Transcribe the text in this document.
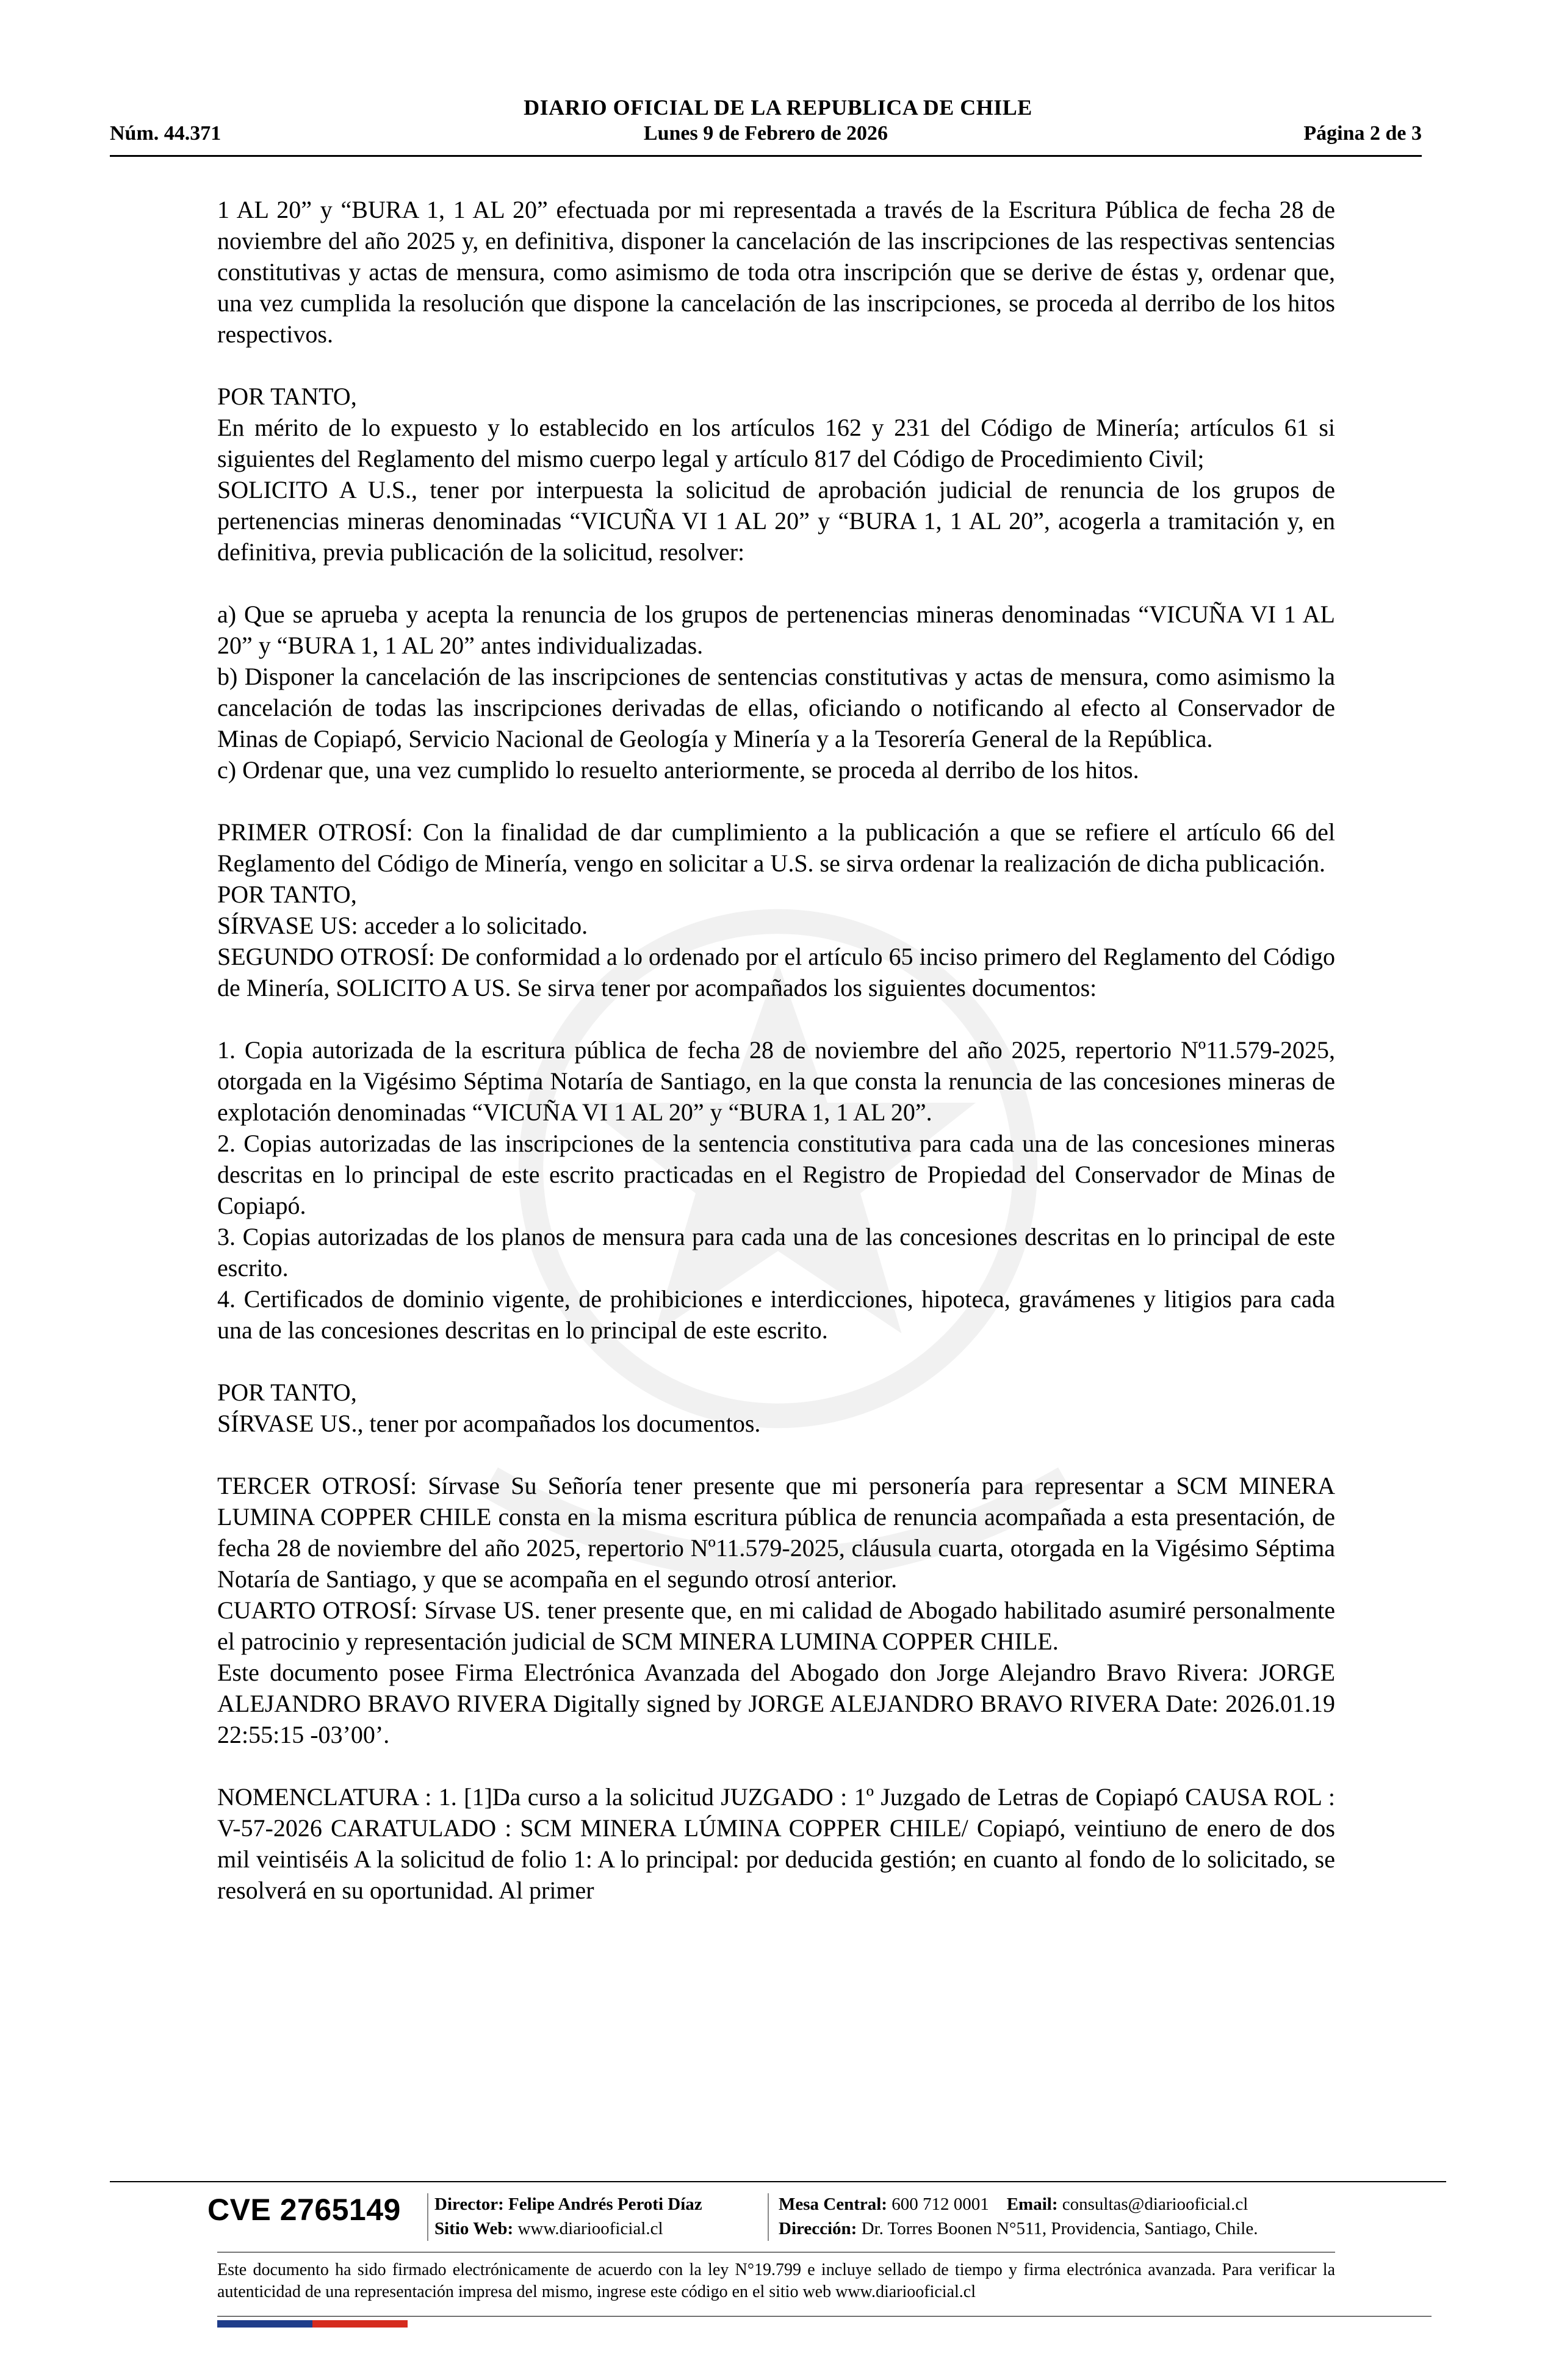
DIARIO OFICIAL DE LA REPUBLICA DE CHILE
Lunes 9 de Febrero de 2026
Núm. 44.371	Página 2 de 3

1 AL 20” y “BURA 1, 1 AL 20” efectuada por mi representada a través de la Escritura Pública de fecha 28 de noviembre del año 2025 y, en definitiva, disponer la cancelación de las inscripciones de las respectivas sentencias constitutivas y actas de mensura, como asimismo de toda otra inscripción que se derive de éstas y, ordenar que, una vez cumplida la resolución que dispone la cancelación de las inscripciones, se proceda al derribo de los hitos respectivos.

POR TANTO,

En mérito de lo expuesto y lo establecido en los artículos 162 y 231 del Código de Minería; artículos 61 si siguientes del Reglamento del mismo cuerpo legal y artículo 817 del Código de Procedimiento Civil;

SOLICITO A U.S., tener por interpuesta la solicitud de aprobación judicial de renuncia de los grupos de pertenencias mineras denominadas “VICUÑA VI 1 AL 20” y “BURA 1, 1 AL 20”, acogerla a tramitación y, en definitiva, previa publicación de la solicitud, resolver:

a) Que se aprueba y acepta la renuncia de los grupos de pertenencias mineras denominadas “VICUÑA VI 1 AL 20” y “BURA 1, 1 AL 20” antes individualizadas.

b) Disponer la cancelación de las inscripciones de sentencias constitutivas y actas de mensura, como asimismo la cancelación de todas las inscripciones derivadas de ellas, oficiando o notificando al efecto al Conservador de Minas de Copiapó, Servicio Nacional de Geología y Minería y a la Tesorería General de la República.

c) Ordenar que, una vez cumplido lo resuelto anteriormente, se proceda al derribo de los hitos.

PRIMER OTROSÍ: Con la finalidad de dar cumplimiento a la publicación a que se refiere el artículo 66 del Reglamento del Código de Minería, vengo en solicitar a U.S. se sirva ordenar la realización de dicha publicación.

POR TANTO,

SÍRVASE US: acceder a lo solicitado.

SEGUNDO OTROSÍ: De conformidad a lo ordenado por el artículo 65 inciso primero del Reglamento del Código de Minería, SOLICITO A US. Se sirva tener por acompañados los siguientes documentos:

1. Copia autorizada de la escritura pública de fecha 28 de noviembre del año 2025, repertorio Nº11.579-2025, otorgada en la Vigésimo Séptima Notaría de Santiago, en la que consta la renuncia de las concesiones mineras de explotación denominadas “VICUÑA VI 1 AL 20” y “BURA 1, 1 AL 20”.

2. Copias autorizadas de las inscripciones de la sentencia constitutiva para cada una de las concesiones mineras descritas en lo principal de este escrito practicadas en el Registro de Propiedad del Conservador de Minas de Copiapó.

3. Copias autorizadas de los planos de mensura para cada una de las concesiones descritas en lo principal de este escrito.

4. Certificados de dominio vigente, de prohibiciones e interdicciones, hipoteca, gravámenes y litigios para cada una de las concesiones descritas en lo principal de este escrito.

POR TANTO,

SÍRVASE US., tener por acompañados los documentos.

TERCER OTROSÍ: Sírvase Su Señoría tener presente que mi personería para representar a SCM MINERA LUMINA COPPER CHILE consta en la misma escritura pública de renuncia acompañada a esta presentación, de fecha 28 de noviembre del año 2025, repertorio Nº11.579-2025, cláusula cuarta, otorgada en la Vigésimo Séptima Notaría de Santiago, y que se acompaña en el segundo otrosí anterior.

CUARTO OTROSÍ: Sírvase US. tener presente que, en mi calidad de Abogado habilitado asumiré personalmente el patrocinio y representación judicial de SCM MINERA LUMINA COPPER CHILE.

Este documento posee Firma Electrónica Avanzada del Abogado don Jorge Alejandro Bravo Rivera: JORGE ALEJANDRO BRAVO RIVERA Digitally signed by JORGE ALEJANDRO BRAVO RIVERA Date: 2026.01.19 22:55:15 -03’00’.

NOMENCLATURA : 1. [1]Da curso a la solicitud JUZGADO : 1º Juzgado de Letras de Copiapó CAUSA ROL : V-57-2026 CARATULADO : SCM MINERA LÚMINA COPPER CHILE/ Copiapó, veintiuno de enero de dos mil veintiséis A la solicitud de folio 1: A lo principal: por deducida gestión; en cuanto al fondo de lo solicitado, se resolverá en su oportunidad. Al primer

CVE 2765149 Director: Felipe Andrés Peroti Díaz
Sitio Web: www.diariooficial.cl
Mesa Central: 600 712 0001 Email: consultas@diariooficial.cl
Dirección: Dr. Torres Boonen N°511, Providencia, Santiago, Chile.
Este documento ha sido firmado electrónicamente de acuerdo con la ley N°19.799 e incluye sellado de tiempo y firma electrónica avanzada. Para verificar la autenticidad de una representación impresa del mismo, ingrese este código en el sitio web www.diariooficial.cl
